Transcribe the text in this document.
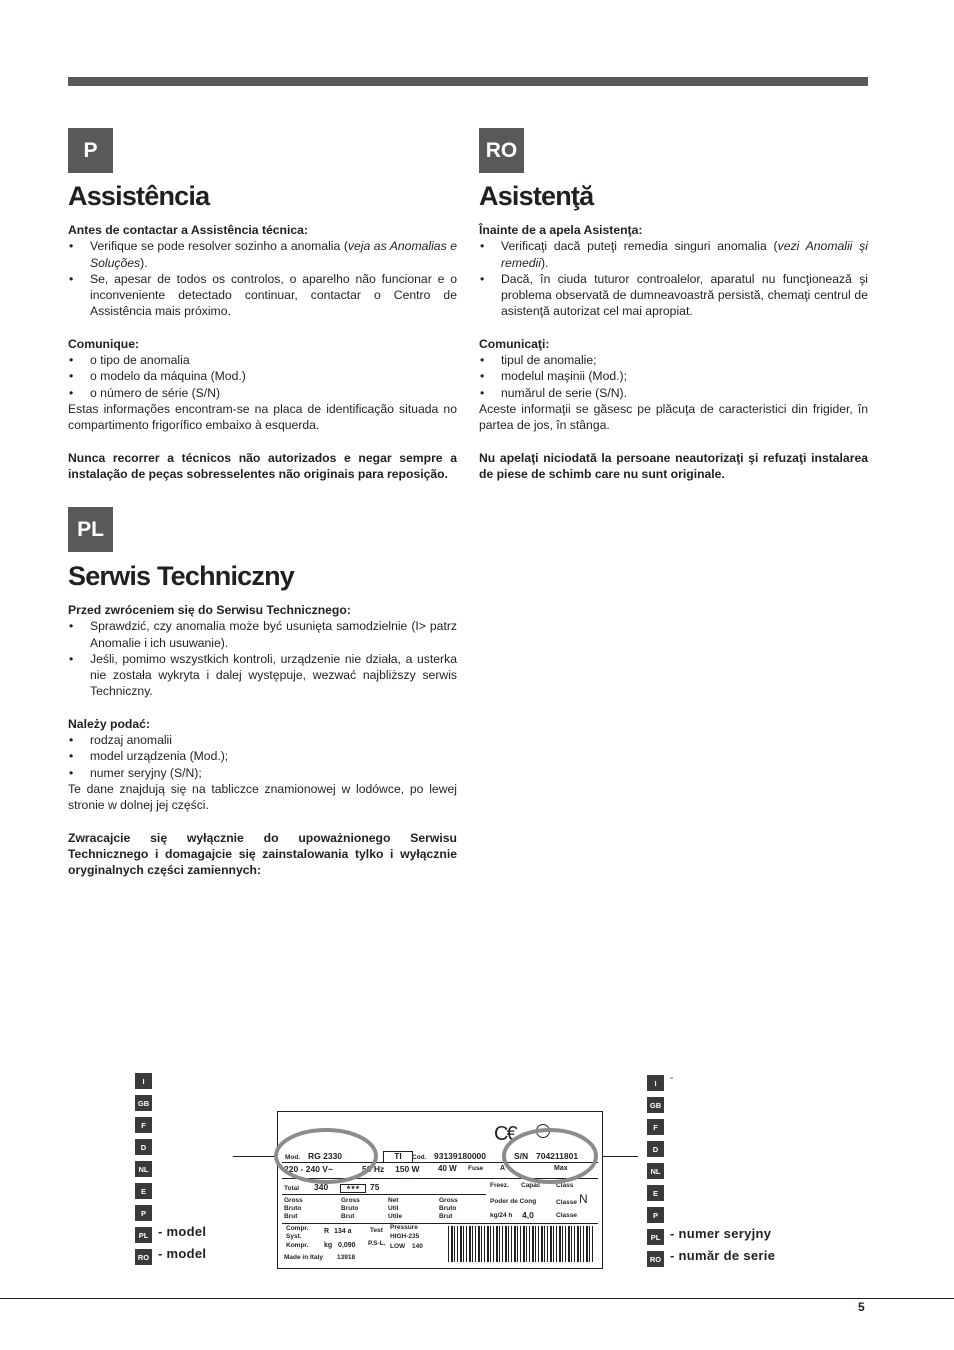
P
Assistência

Antes de contactar a Assistência técnica:

• Verifique se pode resolver sozinho a anomalia (veja as Anomalias e Soluções).
• Se, apesar de todos os controlos, o aparelho não funcionar e o inconveniente detectado continuar, contactar o Centro de Assistência mais próximo.

Comunique:

• o tipo de anomalia
• o modelo da máquina (Mod.)
• o número de série (S/N)

Estas informações encontram-se na placa de identificação situada no compartimento frigorífico embaixo à esquerda.

Nunca recorrer a técnicos não autorizados e negar sempre a instalação de peças sobresselentes não originais para reposição.

RO
Asistenţă

Înainte de a apela Asistenţa:

• Verificaţi dacă puteţi remedia singuri anomalia (vezi Anomalii şi remedii).
• Dacă, în ciuda tuturor controalelor, aparatul nu funcţionează şi problema observată de dumneavoastră persistă, chemaţi centrul de asistenţă autorizat cel mai apropiat.

Comunicaţi:

• tipul de anomalie;
• modelul maşinii (Mod.);
• numărul de serie (S/N).

Aceste informaţii se găsesc pe plăcuţa de caracteristici din frigider, în partea de jos, în stânga.

Nu apelaţi niciodată la persoane neautorizaţi şi refuzaţi instalarea de piese de schimb care nu sunt originale.

PL
Serwis Techniczny

Przed zwróceniem się do Serwisu Technicznego:

• Sprawdzić, czy anomalia może być usunięta samodzielnie (I> patrz Anomalie i ich usuwanie).
• Jeśli, pomimo wszystkich kontroli, urządzenie nie działa, a usterka nie została wykryta i dalej występuje, wezwać najbliższy serwis Techniczny.

Należy podać:

• rodzaj anomalii
• model urządzenia (Mod.);
• numer seryjny (S/N);

Te dane znajdują się na tabliczce znamionowej w lodówce, po lewej stronie w dolnej jej części.

Zwracajcie się wyłącznie do upoważnionego Serwisu Technicznego i domagajcie się zainstalowania tylko i wyłącznie oryginalnych części zamiennych:

I
GB
F
D
NL
E
P
PL
RO
- model
- model
I	-
GB
F
D
NL
E
P
PL
RO
- numer seryjny
- număr de serie
C€
Mod. RG 2330	TI	Cod. 93139180000	S/N 704211801
220 - 240 V~	50 Hz 150 W 40 W Fuse A	Max
Total 340	★★★	75	Freez. Capac Class
Gross Bruto Brut
Gross Bruto Brut
Net Util Utile
Gross Bruto Brut
Poder de Cong	Classe N
kg/24 h 4,0	Classe
Compr. Syst.
Kompr.
R 134 a
kg 0,090
Test
P.S-L.
Pressure
HIGH-235
LOW 140
Made in Italy 13918
5
